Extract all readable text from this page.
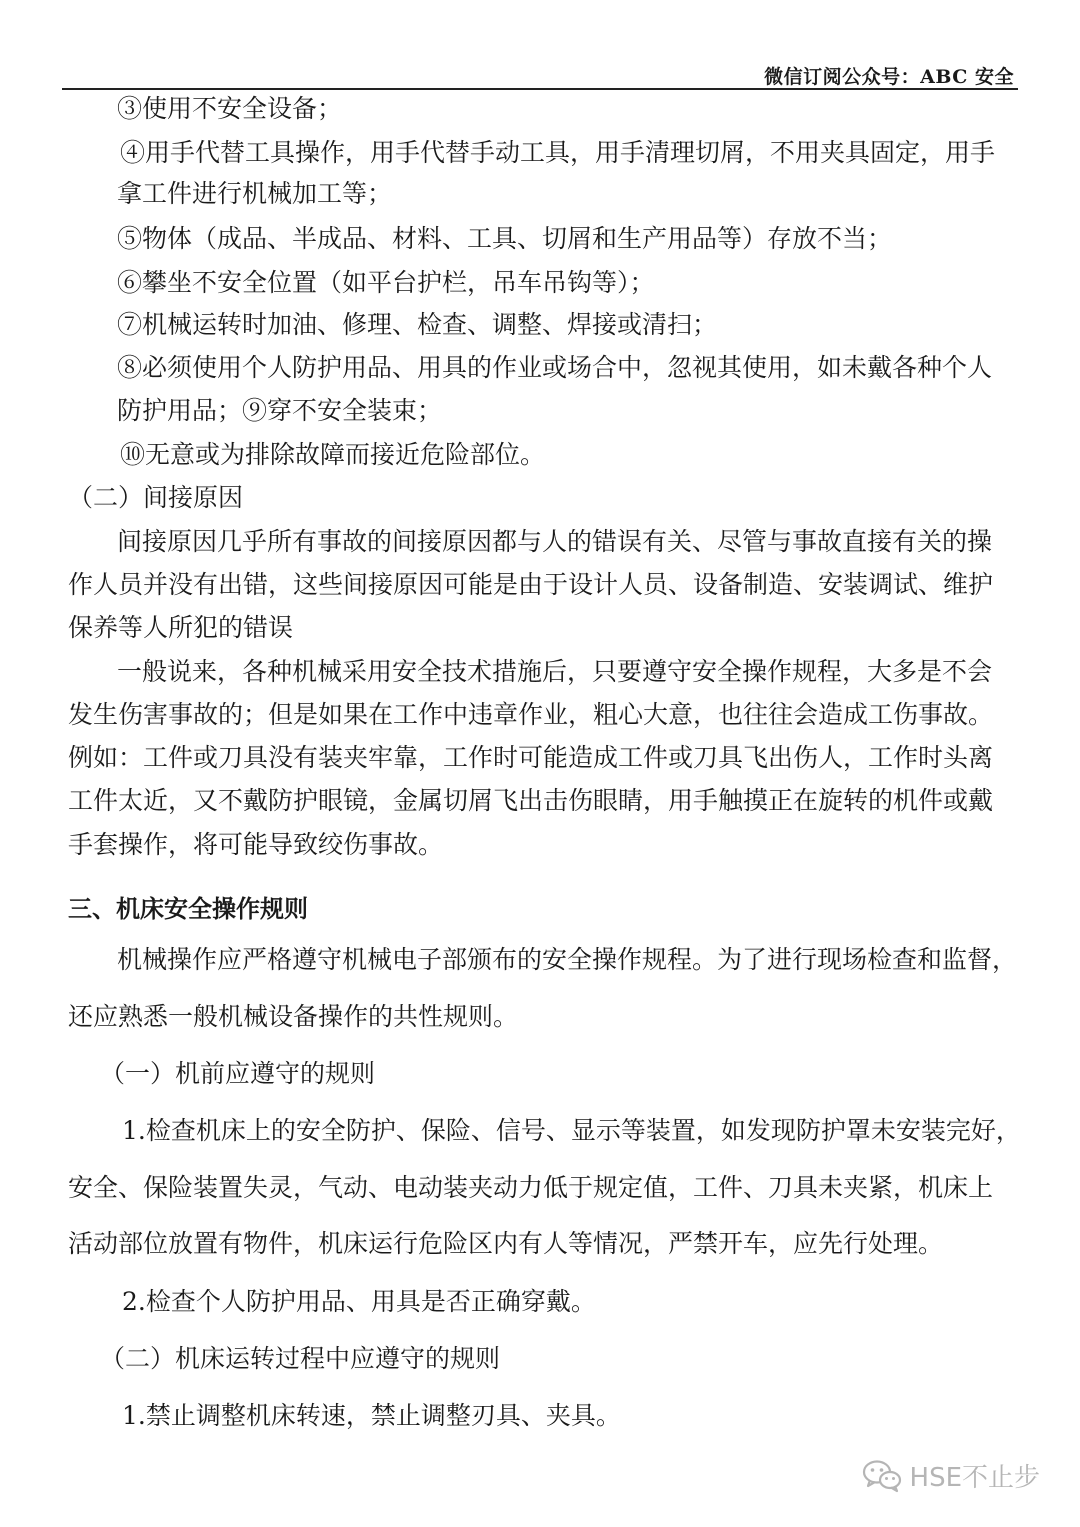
微信订阅公众号：ABC 安全
③使用不安全设备；
④用手代替工具操作，用手代替手动工具，用手清理切屑，不用夹具固定，用手
拿工件进行机械加工等；
⑤物体（成品、半成品、材料、工具、切屑和生产用品等）存放不当；
⑥攀坐不安全位置（如平台护栏，吊车吊钩等）；
⑦机械运转时加油、修理、检查、调整、焊接或清扫；
⑧必须使用个人防护用品、用具的作业或场合中，忽视其使用，如未戴各种个人
防护用品；⑨穿不安全装束；
⑩无意或为排除故障而接近危险部位。
（二）间接原因
间接原因几乎所有事故的间接原因都与人的错误有关、尽管与事故直接有关的操
作人员并没有出错，这些间接原因可能是由于设计人员、设备制造、安装调试、维护
保养等人所犯的错误
一般说来，各种机械采用安全技术措施后，只要遵守安全操作规程，大多是不会
发生伤害事故的；但是如果在工作中违章作业，粗心大意，也往往会造成工伤事故。
例如：工件或刀具没有装夹牢靠，工作时可能造成工件或刀具飞出伤人，工作时头离
工件太近，又不戴防护眼镜，金属切屑飞出击伤眼睛，用手触摸正在旋转的机件或戴
手套操作，将可能导致绞伤事故。
三、机床安全操作规则
机械操作应严格遵守机械电子部颁布的安全操作规程。为了进行现场检查和监督，
还应熟悉一般机械设备操作的共性规则。
（一）机前应遵守的规则
1.检查机床上的安全防护、保险、信号、显示等装置，如发现防护罩未安装完好，
安全、保险装置失灵，气动、电动装夹动力低于规定值，工件、刀具未夹紧，机床上
活动部位放置有物件，机床运行危险区内有人等情况，严禁开车，应先行处理。
2.检查个人防护用品、用具是否正确穿戴。
（二）机床运转过程中应遵守的规则
1.禁止调整机床转速，禁止调整刃具、夹具。
HSE不止步
